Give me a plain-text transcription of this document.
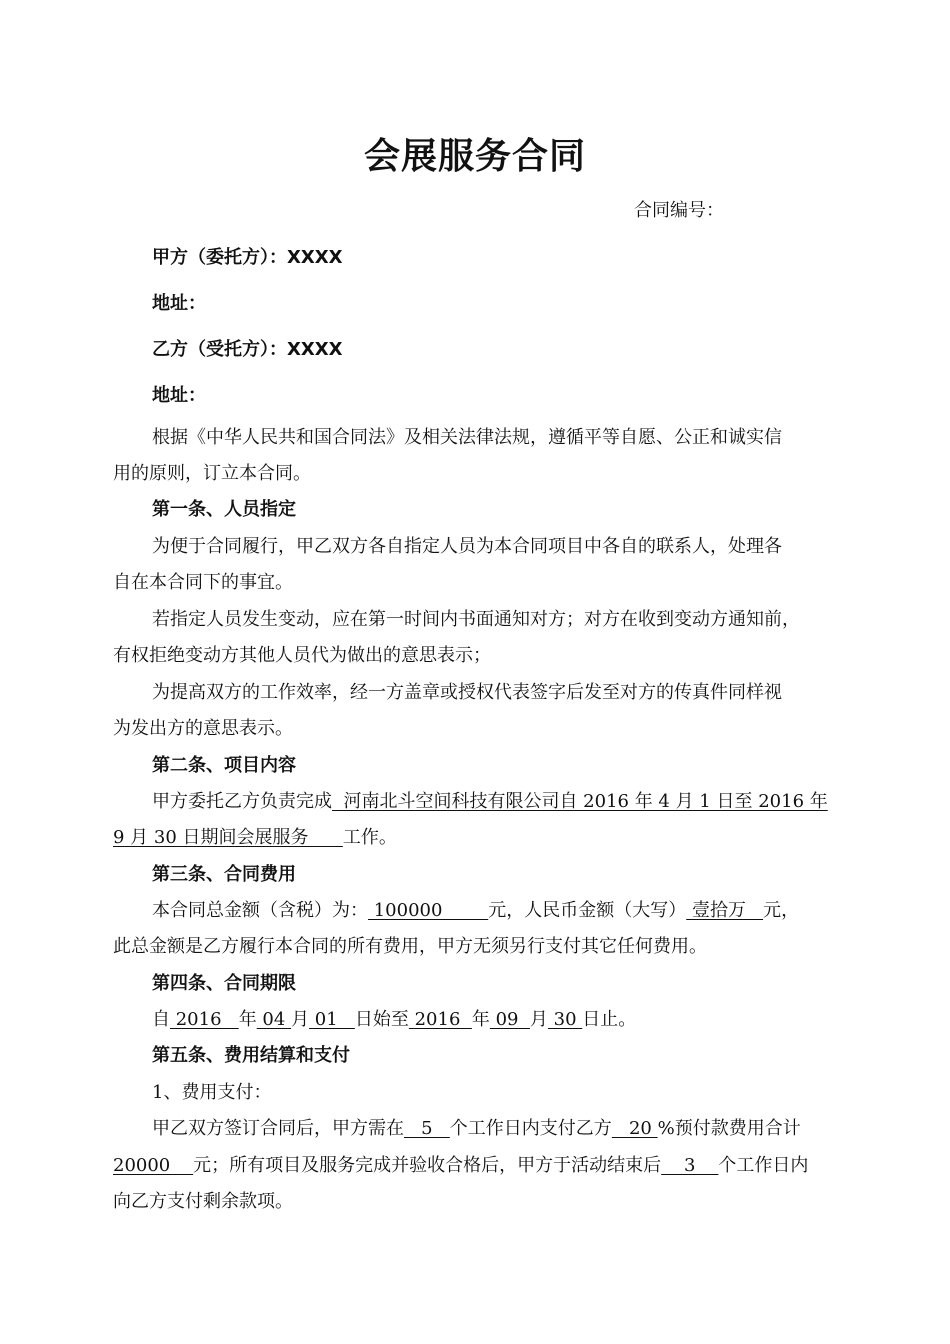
会展服务合同
合同编号：
甲方（委托方）：XXXX
地址：
乙方（受托方）：XXXX
地址：
根据《中华人民共和国合同法》及相关法律法规，遵循平等自愿、公正和诚实信
用的原则，订立本合同。
第一条、人员指定
为便于合同履行，甲乙双方各自指定人员为本合同项目中各自的联系人，处理各
自在本合同下的事宜。
若指定人员发生变动，应在第一时间内书面通知对方；对方在收到变动方通知前，
有权拒绝变动方其他人员代为做出的意思表示；
为提高双方的工作效率，经一方盖章或授权代表签字后发至对方的传真件同样视
为发出方的意思表示。
第二条、项目内容
甲方委托乙方负责完成  河南北斗空间科技有限公司自 2016 年 4 月 1 日至 2016 年
9 月 30 日期间会展服务      工作。
第三条、合同费用
本合同总金额（含税）为： 100000        元，人民币金额（大写） 壹拾万   元，
此总金额是乙方履行本合同的所有费用，甲方无须另行支付其它任何费用。
第四条、合同期限
自 2016   年 04 月 01   日始至 2016  年 09  月 30 日止。
第五条、费用结算和支付
1、费用支付：
甲乙双方签订合同后，甲方需在   5   个工作日内支付乙方   20 %预付款费用合计
20000    元；所有项目及服务完成并验收合格后，甲方于活动结束后    3    个工作日内
向乙方支付剩余款项。
